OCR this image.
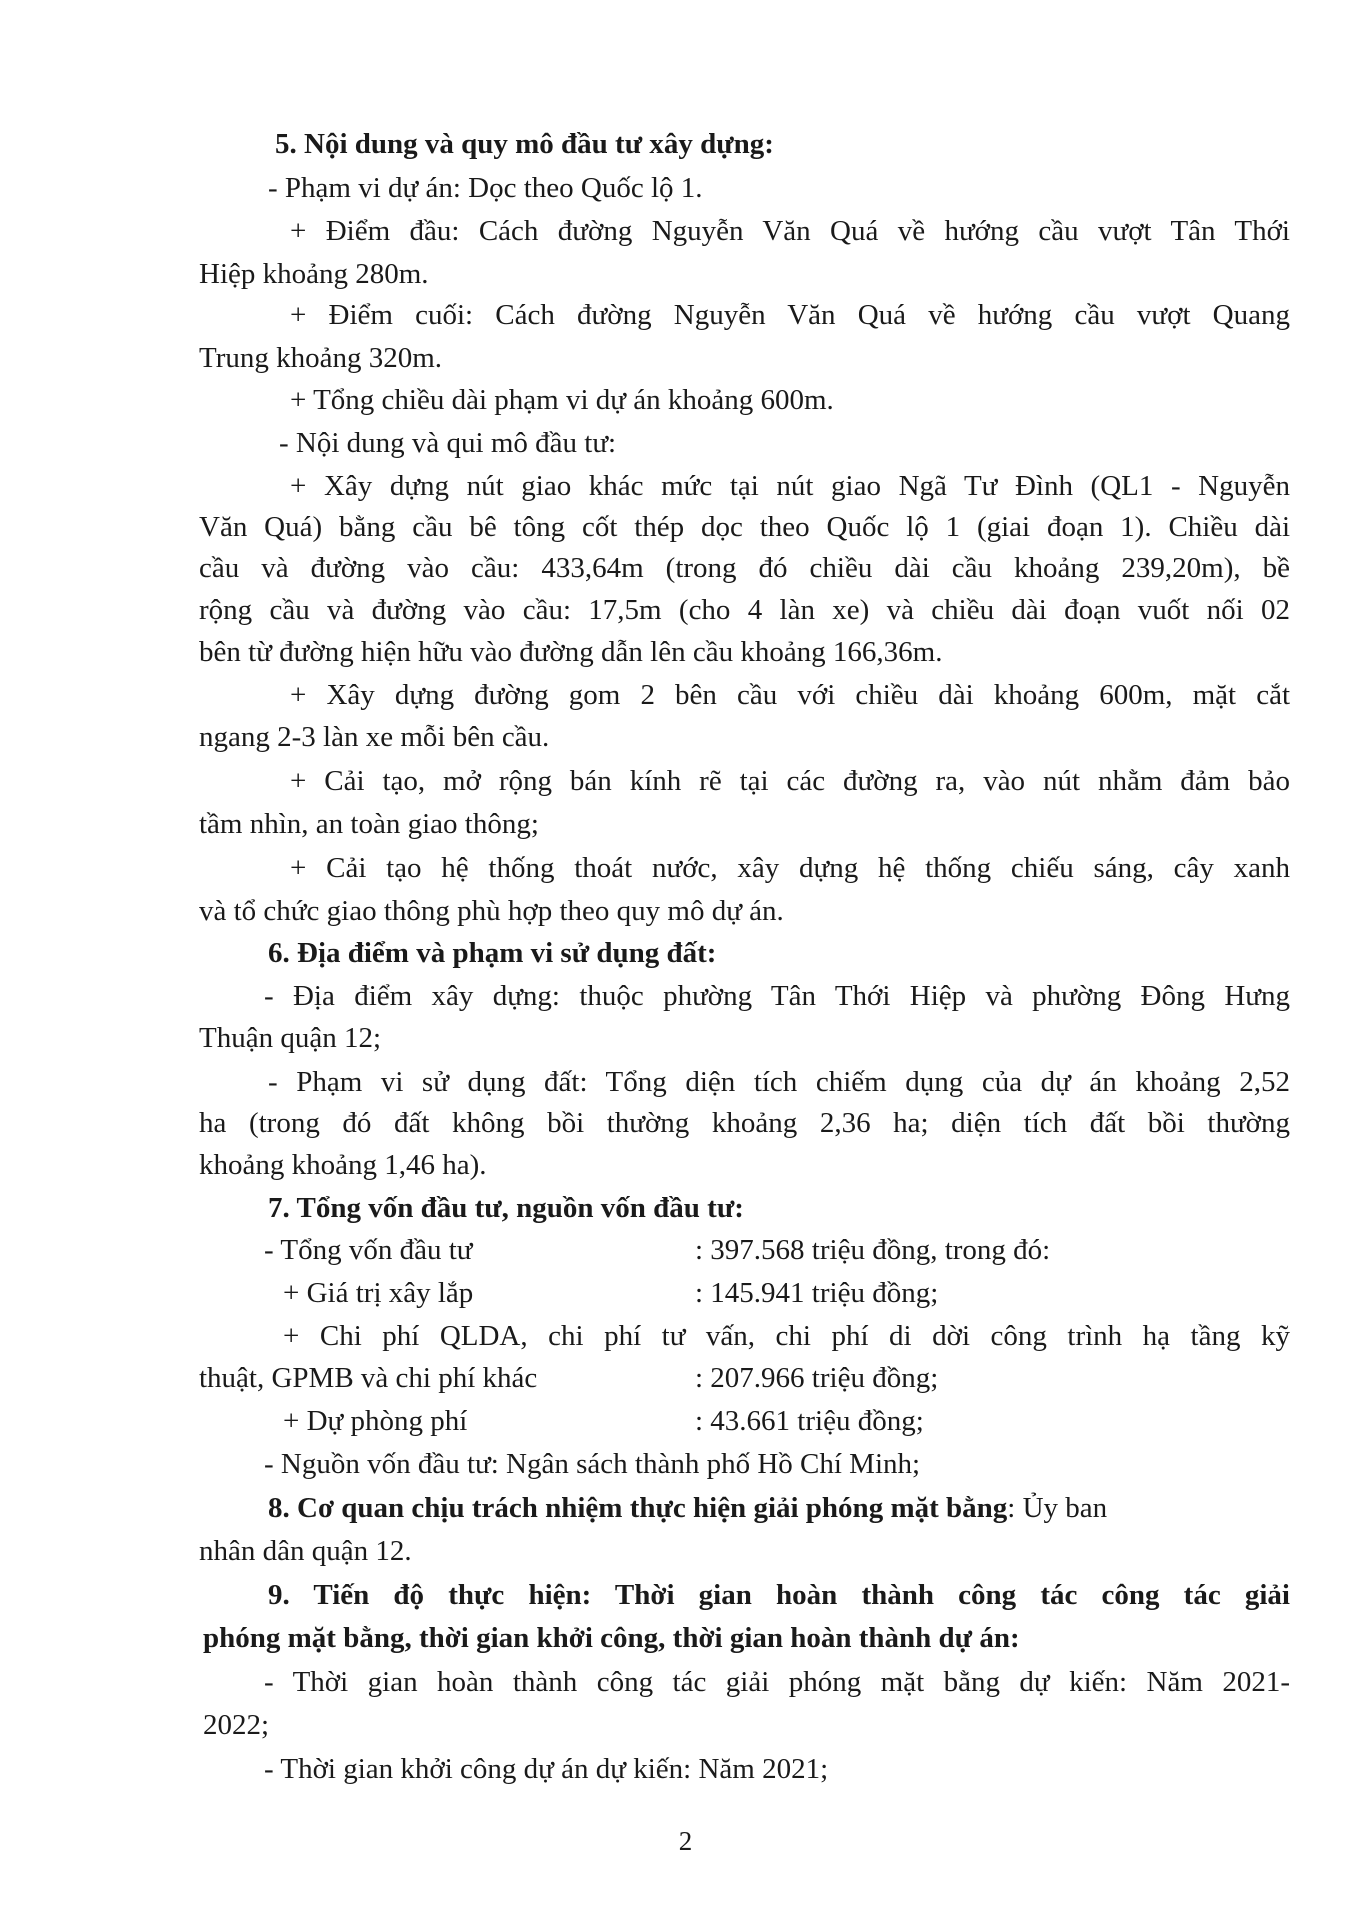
5. Nội dung và quy mô đầu tư xây dựng:
- Phạm vi dự án: Dọc theo Quốc lộ 1.
+ Điểm đầu: Cách đường Nguyễn Văn Quá về hướng cầu vượt Tân Thới
Hiệp khoảng 280m.
+ Điểm cuối: Cách đường Nguyễn Văn Quá về hướng cầu vượt Quang
Trung khoảng 320m.
+ Tổng chiều dài phạm vi dự án khoảng 600m.
- Nội dung và qui mô đầu tư:
+ Xây dựng nút giao khác mức tại nút giao Ngã Tư Đình (QL1 - Nguyễn
Văn Quá) bằng cầu bê tông cốt thép dọc theo Quốc lộ 1 (giai đoạn 1). Chiều dài
cầu và đường vào cầu: 433,64m (trong đó chiều dài cầu khoảng 239,20m), bề
rộng cầu và đường vào cầu: 17,5m (cho 4 làn xe) và chiều dài đoạn vuốt nối 02
bên từ đường hiện hữu vào đường dẫn lên cầu khoảng 166,36m.
+ Xây dựng đường gom 2 bên cầu với chiều dài khoảng 600m, mặt cắt
ngang 2-3 làn xe mỗi bên cầu.
+ Cải tạo, mở rộng bán kính rẽ tại các đường ra, vào nút nhằm đảm bảo
tầm nhìn, an toàn giao thông;
+ Cải tạo hệ thống thoát nước, xây dựng hệ thống chiếu sáng, cây xanh
và tổ chức giao thông phù hợp theo quy mô dự án.
6. Địa điểm và phạm vi sử dụng đất:
- Địa điểm xây dựng: thuộc phường Tân Thới Hiệp và phường Đông Hưng
Thuận quận 12;
- Phạm vi sử dụng đất: Tổng diện tích chiếm dụng của dự án khoảng 2,52
ha (trong đó đất không bồi thường khoảng 2,36 ha; diện tích đất bồi thường
khoảng khoảng 1,46 ha).
7. Tổng vốn đầu tư, nguồn vốn đầu tư:
- Tổng vốn đầu tư	: 397.568 triệu đồng, trong đó:
+ Giá trị xây lắp	: 145.941 triệu đồng;
+ Chi phí QLDA, chi phí tư vấn, chi phí di dời công trình hạ tầng kỹ
thuật, GPMB và chi phí khác	: 207.966 triệu đồng;
+ Dự phòng phí	: 43.661 triệu đồng;
- Nguồn vốn đầu tư: Ngân sách thành phố Hồ Chí Minh;
8. Cơ quan chịu trách nhiệm thực hiện giải phóng mặt bằng: Ủy ban
nhân dân quận 12.
9. Tiến độ thực hiện: Thời gian hoàn thành công tác công tác giải
phóng mặt bằng, thời gian khởi công, thời gian hoàn thành dự án:
- Thời gian hoàn thành công tác giải phóng mặt bằng dự kiến: Năm 2021-
2022;
- Thời gian khởi công dự án dự kiến: Năm 2021;
2
